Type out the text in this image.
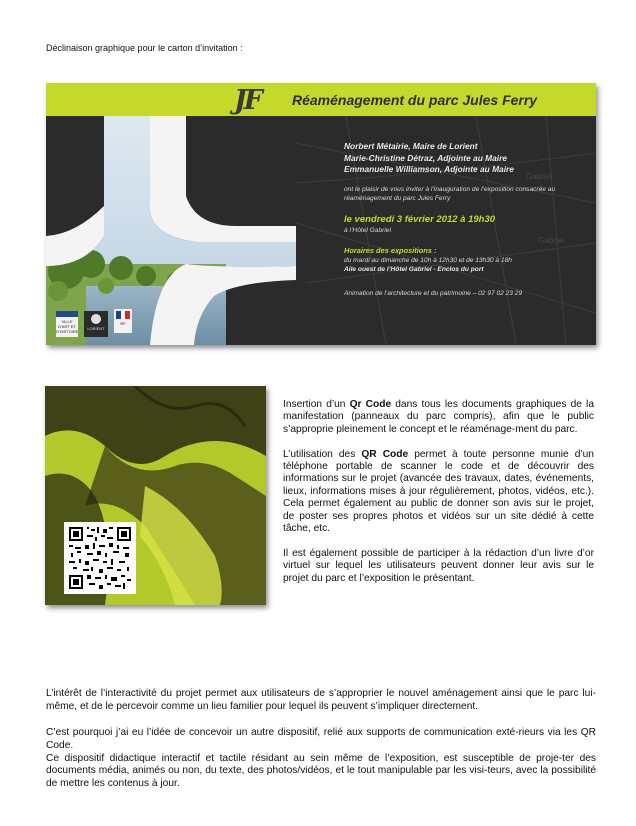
Déclinaison graphique pour le carton d’invitation :
Gabriel
Gabriel
JF Réaménagement du parc Jules Ferry
Norbert Métairie, Maire de Lorient
Marie-Christine Détraz, Adjointe au Maire
Emmanuelle Williamson, Adjointe au Maire
ont le plaisir de vous inviter à l’inauguration de l’exposition consacrée au réaménagement du parc Jules Ferry
le vendredi 3 février 2012 à 19h30
à l’Hôtel Gabriel
Horaires des expositions :
du mardi au dimanche de 10h à 12h30 et de 13h30 à 18h
Aile ouest de l’Hôtel Gabriel - Enclos du port
Animation de l’architecture et du patrimoine – 02 97 02 23 29
VILLE D'ART ET D'HISTOIRE
LORIENT
RF

Insertion d’un Qr Code dans tous les documents graphiques de la manifestation (panneaux du parc compris), afin que le public s’approprie pleinement le concept et le réaménage-ment du parc.

L’utilisation des QR Code permet à toute personne munie d’un téléphone portable de scanner le code et de découvrir des informations sur le projet (avancée des travaux, dates, événements, lieux, informations mises à jour régulièrement, photos, vidéos, etc.). Cela permet également au public de donner son avis sur le projet, de poster ses propres photos et vidéos sur un site dédié à cette tâche, etc.

Il est également possible de participer à la rédaction d’un livre d’or virtuel sur lequel les utilisateurs peuvent donner leur avis sur le projet du parc et l’exposition le présentant.

L’intérêt de l’interactivité du projet permet aux utilisateurs de s’approprier le nouvel aménagement ainsi que le parc lui-même, et de le percevoir comme un lieu familier pour lequel ils peuvent s’impliquer directement.

C’est pourquoi j’ai eu l’idée de concevoir un autre dispositif, relié aux supports de communication exté-rieurs via les QR Code.

Ce dispositif didactique interactif et tactile résidant au sein même de l’exposition, est susceptible de proje-ter des documents média, animés ou non, du texte, des photos/vidéos, et le tout manipulable par les visi-teurs, avec la possibilité de mettre les contenus à jour.
